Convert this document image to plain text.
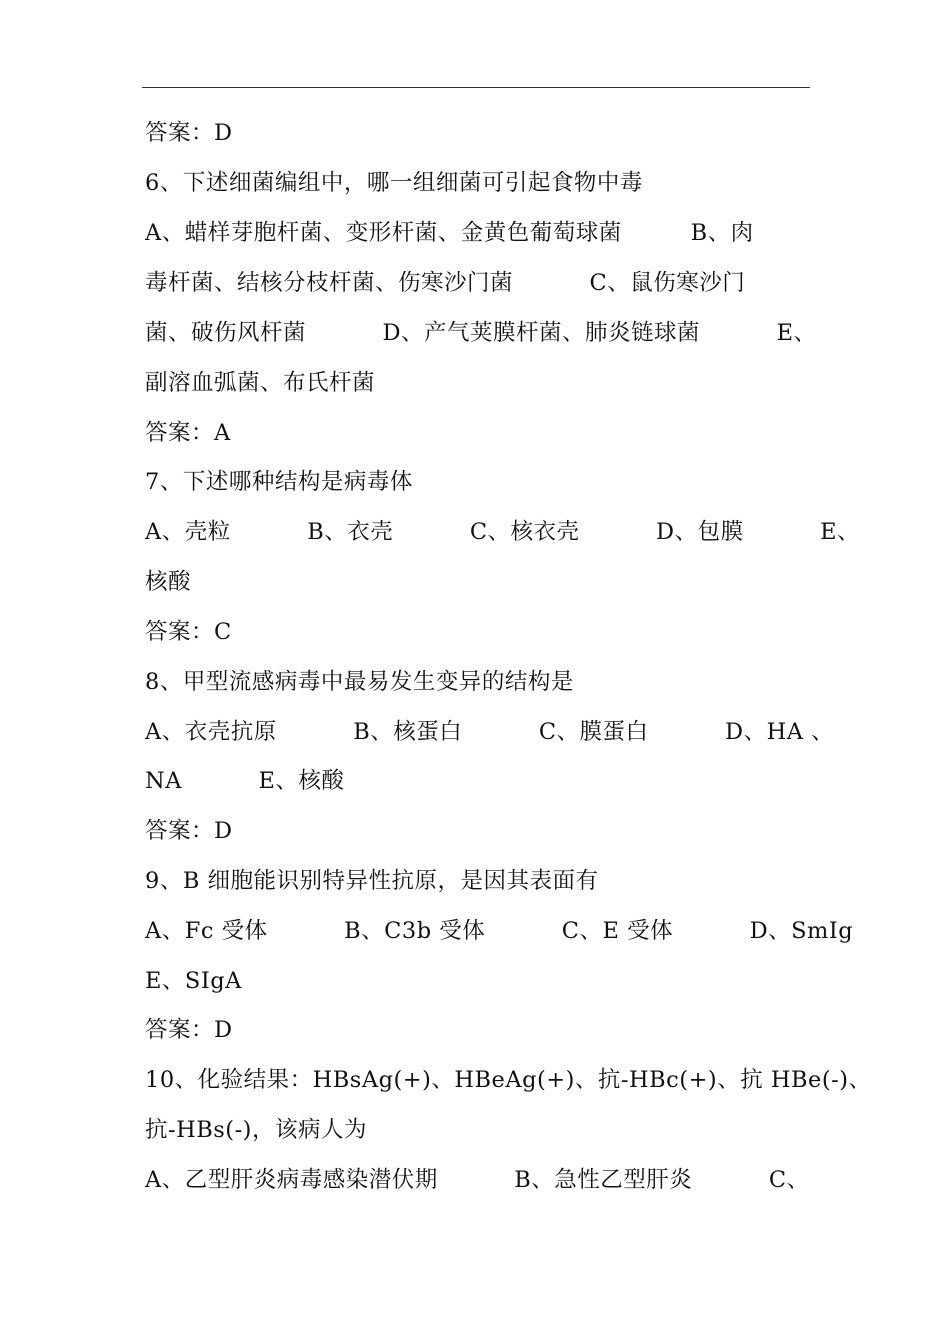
答案：D
6、下述细菌编组中，哪一组细菌可引起食物中毒
A、蜡样芽胞杆菌、变形杆菌、金黄色葡萄球菌         B、肉
毒杆菌、结核分枝杆菌、伤寒沙门菌          C、鼠伤寒沙门
菌、破伤风杆菌          D、产气荚膜杆菌、肺炎链球菌          E、
副溶血弧菌、布氏杆菌
答案：A
7、下述哪种结构是病毒体
A、壳粒          B、衣壳          C、核衣壳          D、包膜          E、
核酸
答案：C
8、甲型流感病毒中最易发生变异的结构是
A、衣壳抗原          B、核蛋白          C、膜蛋白          D、HA 、
NA          E、核酸
答案：D
9、B 细胞能识别特异性抗原，是因其表面有
A、Fc 受体          B、C3b 受体          C、E 受体          D、SmIg
E、SIgA
答案：D
10、化验结果：HBsAg(+)、HBeAg(+)、抗-HBc(+)、抗 HBe(-)、
抗-HBs(-)，该病人为
A、乙型肝炎病毒感染潜伏期          B、急性乙型肝炎          C、
